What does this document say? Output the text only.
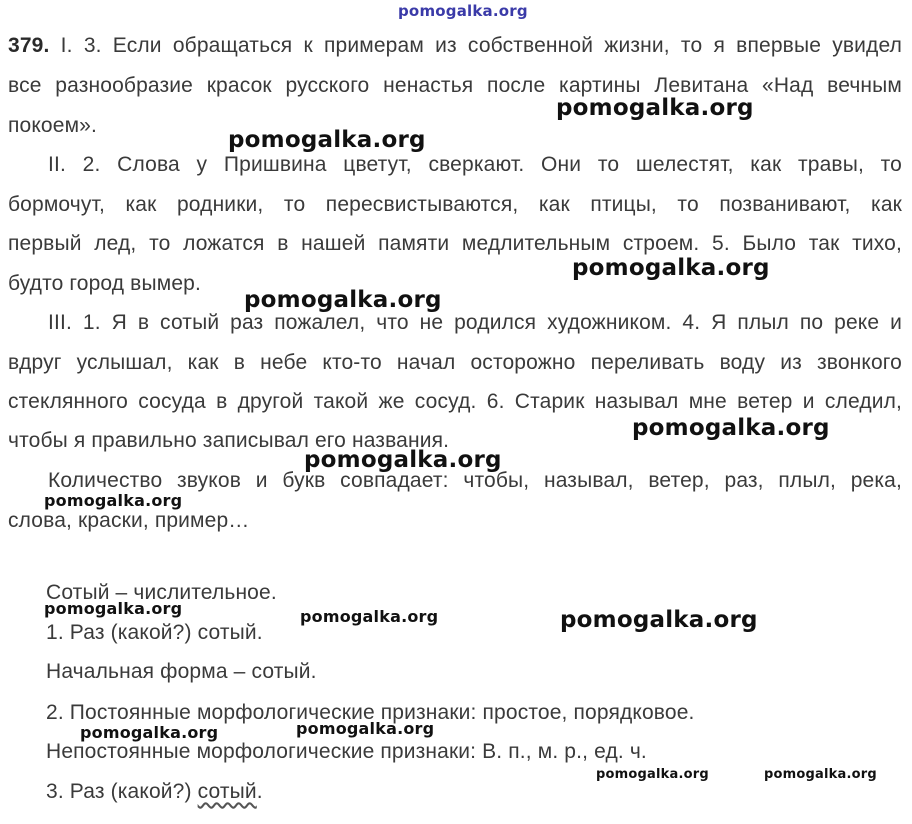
pomogalka.org
379. I. 3. Если обращаться к примерам из собственной жизни, то я впервые увидел
все разнообразие красок русского ненастья после картины Левитана «Над вечным
покоем».
II. 2. Слова у Пришвина цветут, сверкают. Они то шелестят, как травы, то
бормочут, как родники, то пересвистываются, как птицы, то позванивают, как
первый лед, то ложатся в нашей памяти медлительным строем. 5. Было так тихо,
будто город вымер.
III. 1. Я в сотый раз пожалел, что не родился художником. 4. Я плыл по реке и
вдруг услышал, как в небе кто-то начал осторожно переливать воду из звонкого
стеклянного сосуда в другой такой же сосуд. 6. Старик называл мне ветер и следил,
чтобы я правильно записывал его названия.
Количество звуков и букв совпадает: чтобы, называл, ветер, раз, плыл, река,
слова, краски, пример…
Сотый – числительное.
1. Раз (какой?) сотый.
Начальная форма – сотый.
2. Постоянные морфологические признаки: простое, порядковое.
Непостоянные морфологические признаки: В. п., м. р., ед. ч.
3. Раз (какой?) сотый.
pomogalka.org
pomogalka.org
pomogalka.org
pomogalka.org
pomogalka.org
pomogalka.org
pomogalka.org
pomogalka.org	pomogalka.org	pomogalka.org
pomogalka.org
pomogalka.org
pomogalka.org	pomogalka.org
